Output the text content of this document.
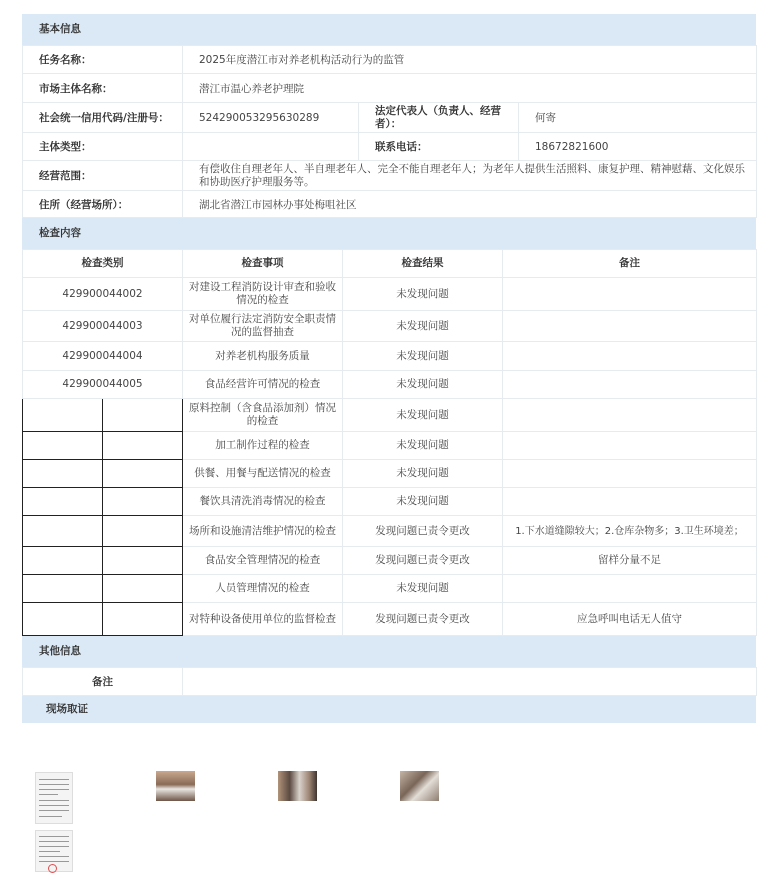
基本信息
任务名称：	2025年度潜江市对养老机构活动行为的监管		
市场主体名称：	潜江市温心养老护理院		
社会统一信用代码/注册号：	524290053295630289	法定代表人（负责人、经营者）：	何寄
主体类型：		联系电话：	18672821600
经营范围：	有偿收住自理老年人、半自理老年人、完全不能自理老年人；为老年人提供生活照料、康复护理、精神慰藉、文化娱乐和协助医疗护理服务等。		
住所（经营场所）：	湖北省潜江市园林办事处梅咀社区		
检查内容
检查类别		检查事项	检查结果	备注
429900044002		对建设工程消防设计审查和验收情况的检查	未发现问题	
429900044003		对单位履行法定消防安全职责情况的监督抽查	未发现问题	
429900044004		对养老机构服务质量	未发现问题	
429900044005		食品经营许可情况的检查	未发现问题	
		原料控制（含食品添加剂）情况的检查	未发现问题	
		加工制作过程的检查	未发现问题	
		供餐、用餐与配送情况的检查	未发现问题	
		餐饮具清洗消毒情况的检查	未发现问题	
		场所和设施清洁维护情况的检查	发现问题已责令更改	1.下水道缝隙较大；2.仓库杂物多；3.卫生环境差；
		食品安全管理情况的检查	发现问题已责令更改	留样分量不足
		人员管理情况的检查	未发现问题	
		对特种设备使用单位的监督检查	发现问题已责令更改	应急呼叫电话无人值守
其他信息
备注	
现场取证
